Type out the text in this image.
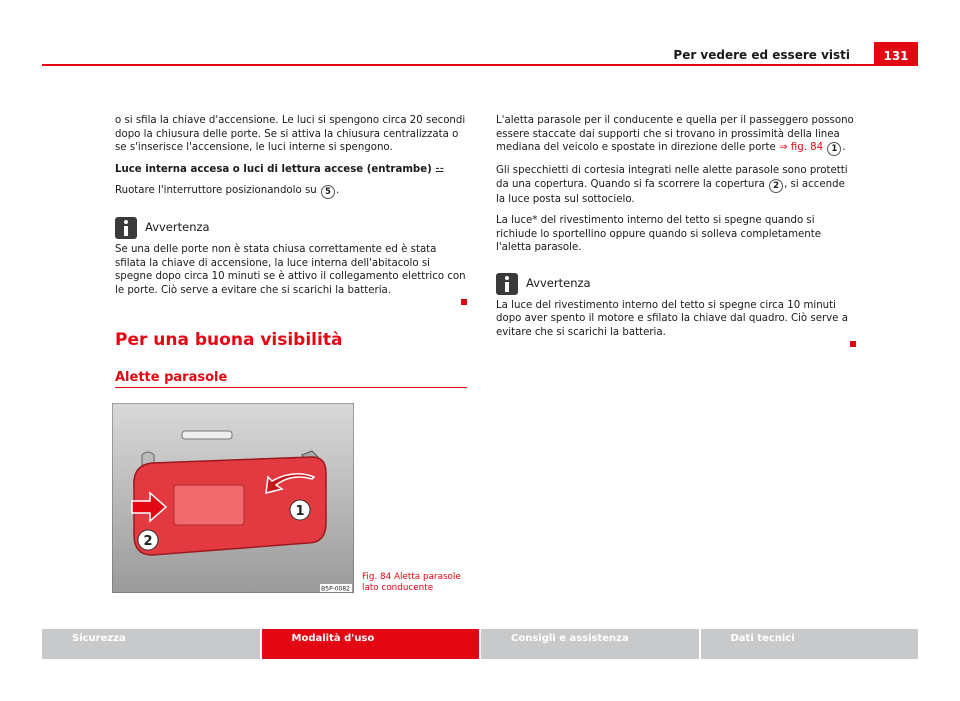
Per vedere ed essere visti	131

o si sfila la chiave d'accensione. Le luci si spengono circa 20 secondi dopo la chiusura delle porte. Se si attiva la chiusura centralizzata o se s'inserisce l'accensione, le luci interne si spengono.

Luce interna accesa o luci di lettura accese (entrambe) ⚍

Ruotare l'interruttore posizionandolo su 5 .

Avvertenza

Se una delle porte non è stata chiusa correttamente ed è stata sfilata la chiave di accensione, la luce interna dell'abitacolo si spegne dopo circa 10 minuti se è attivo il collegamento elettrico con le porte. Ciò serve a evitare che si scarichi la batteria.

Per una buona visibilità
Alette parasole
1
2
B5P-0082
Fig. 84 Aletta parasole
lato conducente

L'aletta parasole per il conducente e quella per il passeggero possono essere staccate dai supporti che si trovano in prossimità della linea mediana del veicolo e spostate in direzione delle porte ⇒ fig. 84 1 .

Gli specchietti di cortesia integrati nelle alette parasole sono protetti da una copertura. Quando si fa scorrere la copertura 2 , si accende la luce posta sul sottocielo.

La luce* del rivestimento interno del tetto si spegne quando si richiude lo sportellino oppure quando si solleva completamente l'aletta parasole.

Avvertenza

La luce del rivestimento interno del tetto si spegne circa 10 minuti dopo aver spento il motore e sfilato la chiave dal quadro. Ciò serve a evitare che si scarichi la batteria.

Sicurezza	Modalità d'uso	Consigli e assistenza	Dati tecnici
